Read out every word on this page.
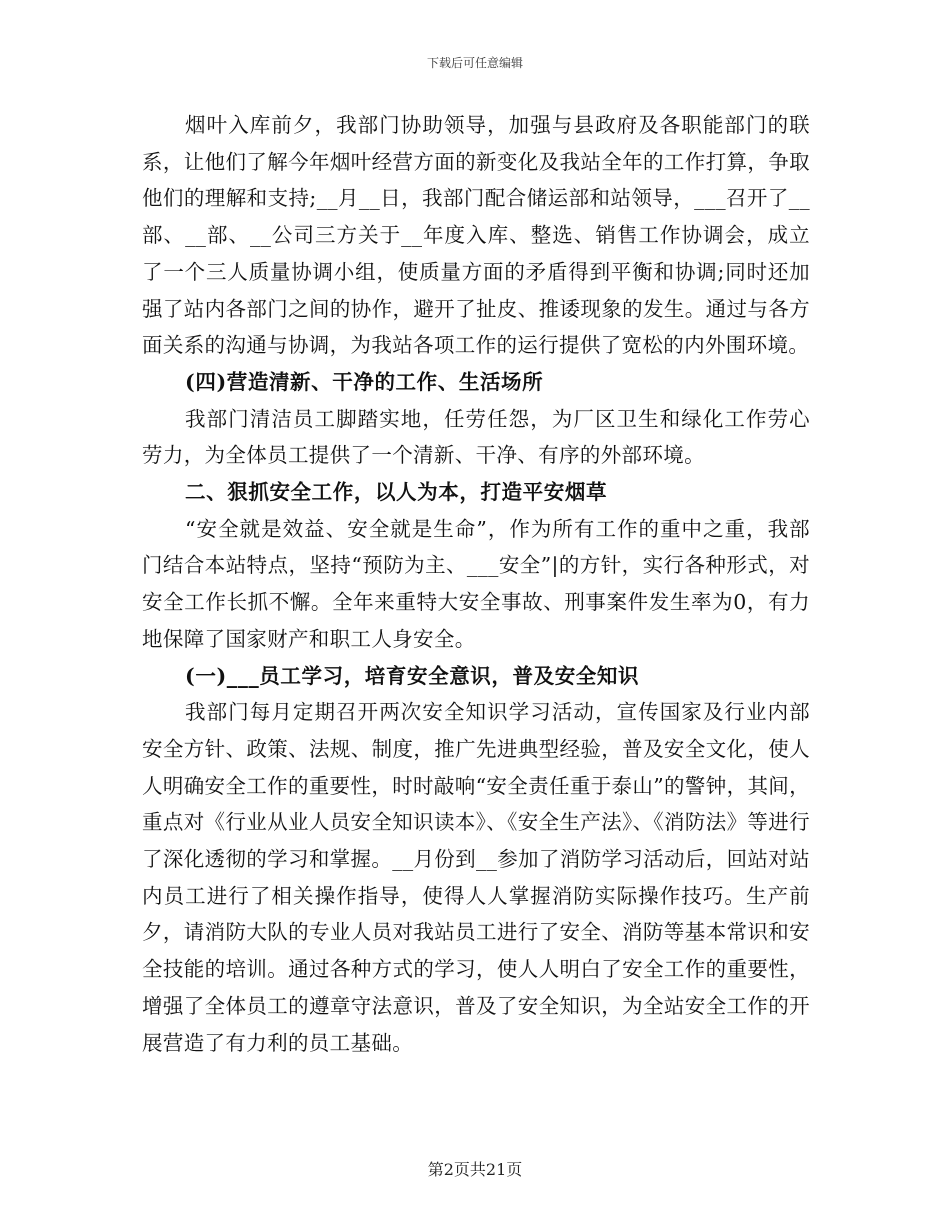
下载后可任意编辑

烟叶入库前夕，我部门协助领导，加强与县政府及各职能部门的联系，让他们了解今年烟叶经营方面的新变化及我站全年的工作打算，争取他们的理解和支持;__月__日，我部门配合储运部和站领导，___召开了__部、__部、__公司三方关于__年度入库、整选、销售工作协调会，成立了一个三人质量协调小组，使质量方面的矛盾得到平衡和协调;同时还加强了站内各部门之间的协作，避开了扯皮、推诿现象的发生。通过与各方面关系的沟通与协调，为我站各项工作的运行提供了宽松的内外围环境。

(四)营造清新、干净的工作、生活场所

我部门清洁员工脚踏实地，任劳任怨，为厂区卫生和绿化工作劳心劳力，为全体员工提供了一个清新、干净、有序的外部环境。

二、狠抓安全工作，以人为本，打造平安烟草

“安全就是效益、安全就是生命”，作为所有工作的重中之重，我部门结合本站特点，坚持“预防为主、___安全”|的方针，实行各种形式，对安全工作长抓不懈。全年来重特大安全事故、刑事案件发生率为0，有力地保障了国家财产和职工人身安全。

(一)___员工学习，培育安全意识，普及安全知识

我部门每月定期召开两次安全知识学习活动，宣传国家及行业内部安全方针、政策、法规、制度，推广先进典型经验，普及安全文化，使人人明确安全工作的重要性，时时敲响“安全责任重于泰山”的警钟，其间，重点对《行业从业人员安全知识读本》、《安全生产法》、《消防法》等进行了深化透彻的学习和掌握。__月份到__参加了消防学习活动后，回站对站内员工进行了相关操作指导，使得人人掌握消防实际操作技巧。生产前夕，请消防大队的专业人员对我站员工进行了安全、消防等基本常识和安全技能的培训。通过各种方式的学习，使人人明白了安全工作的重要性，增强了全体员工的遵章守法意识，普及了安全知识，为全站安全工作的开展营造了有力利的员工基础。

第2页共21页
